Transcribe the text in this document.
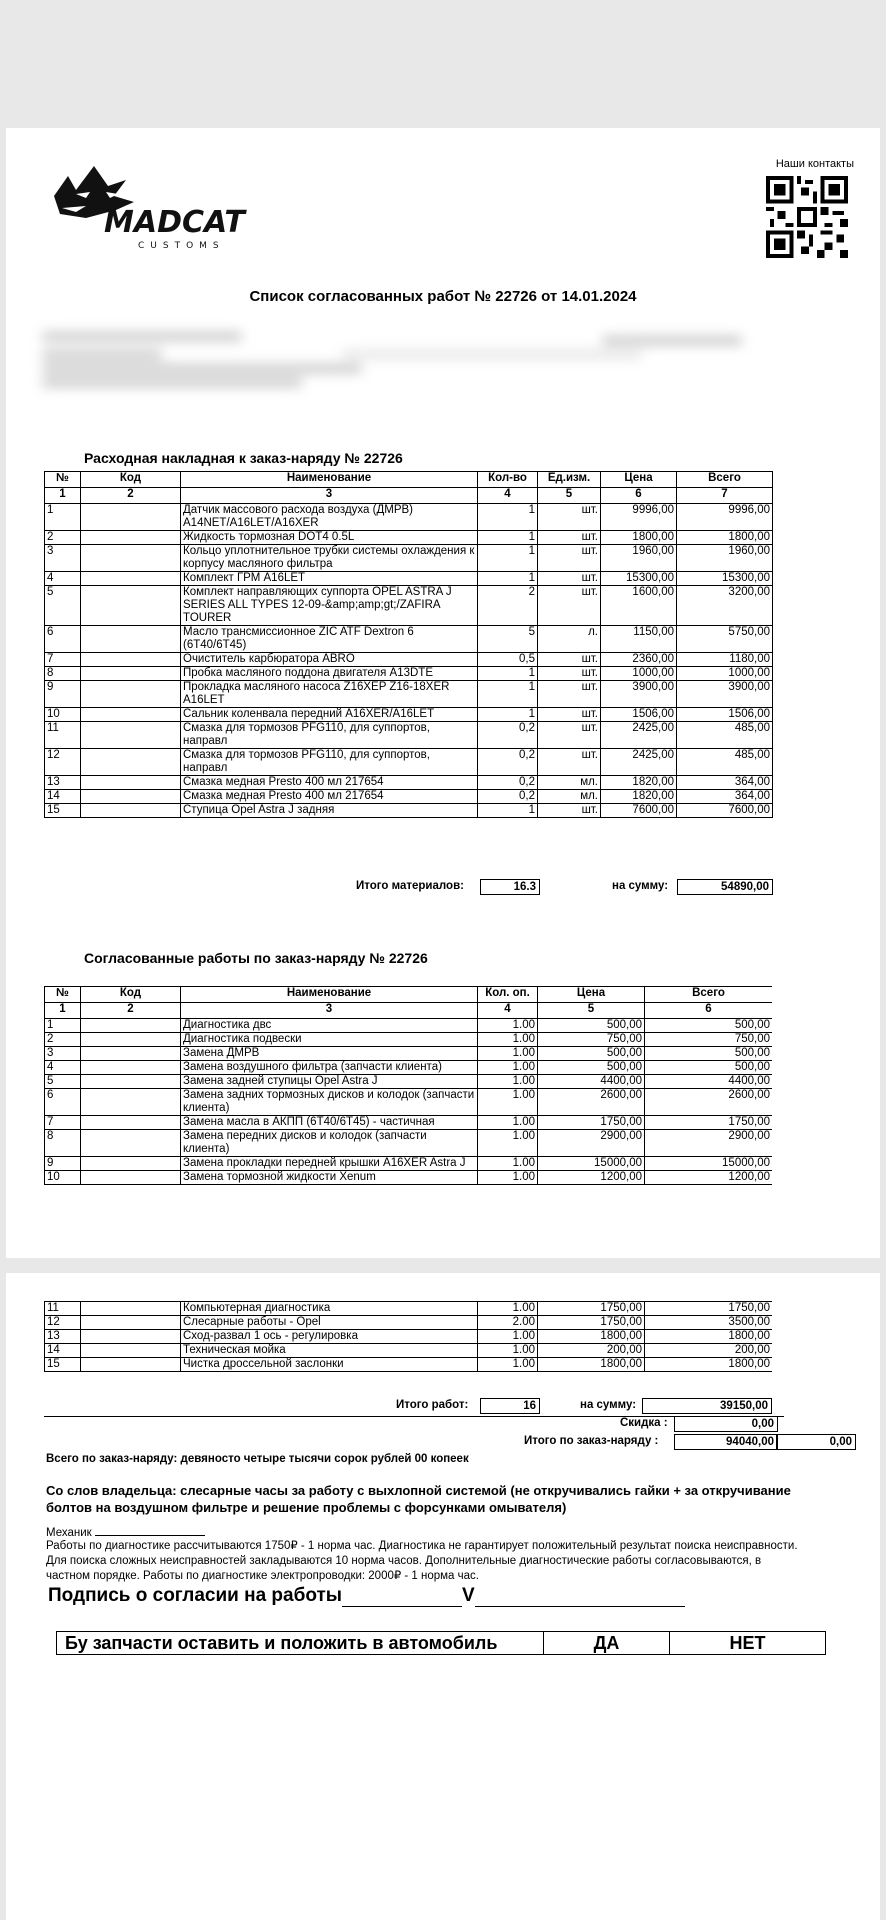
MADCAT
CUSTOMS
Наши контакты
Список согласованных работ № 22726 от 14.01.2024
Расходная накладная к заказ-наряду № 22726
№	Код	Наименование	Кол-во	Ед.изм.	Цена	Всего
1	2	3	4	5	6	7
1		Датчик массового расхода воздуха (ДМРВ) A14NET/A16LET/A16XER	1	шт.	9996,00	9996,00
2		Жидкость тормозная DOT4 0.5L	1	шт.	1800,00	1800,00
3		Кольцо уплотнительное трубки системы охлаждения к корпусу масляного фильтра	1	шт.	1960,00	1960,00
4		Комплект ГРМ A16LET	1	шт.	15300,00	15300,00
5		Комплект направляющих суппорта OPEL ASTRA J SERIES ALL TYPES 12-09-&amp;amp;gt;/ZAFIRA TOURER	2	шт.	1600,00	3200,00
6		Масло трансмиссионное ZIC ATF Dextron 6 (6T40/6T45)	5	л.	1150,00	5750,00
7		Очиститель карбюратора ABRO	0,5	шт.	2360,00	1180,00
8		Пробка масляного поддона двигателя A13DTE	1	шт.	1000,00	1000,00
9		Прокладка масляного насоса Z16XEP Z16-18XER A16LET	1	шт.	3900,00	3900,00
10		Сальник коленвала передний A16XER/A16LET	1	шт.	1506,00	1506,00
11		Смазка для тормозов PFG110, для суппортов, направл	0,2	шт.	2425,00	485,00
12		Смазка для тормозов PFG110, для суппортов, направл	0,2	шт.	2425,00	485,00
13		Смазка медная Presto 400 мл 217654	0,2	мл.	1820,00	364,00
14		Смазка медная Presto 400 мл 217654	0,2	мл.	1820,00	364,00
15		Ступица Opel Astra J задняя	1	шт.	7600,00	7600,00
Итого материалов:	16.3	на сумму:	54890,00
Согласованные работы по заказ-наряду № 22726
№	Код	Наименование	Кол. оп.	Цена	Всего
1	2	3	4	5	6
1		Диагностика двс	1.00	500,00	500,00
2		Диагностика подвески	1.00	750,00	750,00
3		Замена ДМРВ	1.00	500,00	500,00
4		Замена воздушного фильтра (запчасти клиента)	1.00	500,00	500,00
5		Замена задней ступицы Opel Astra J	1.00	4400,00	4400,00
6		Замена задних тормозных дисков и колодок (запчасти клиента)	1.00	2600,00	2600,00
7		Замена масла в АКПП (6T40/6T45) - частичная	1.00	1750,00	1750,00
8		Замена передних дисков и колодок (запчасти клиента)	1.00	2900,00	2900,00
9		Замена прокладки передней крышки A16XER Astra J	1.00	15000,00	15000,00
10		Замена тормозной жидкости Xenum	1.00	1200,00	1200,00
11		Компьютерная диагностика	1.00	1750,00	1750,00
12		Слесарные работы - Opel	2.00	1750,00	3500,00
13		Сход-развал 1 ось - регулировка	1.00	1800,00	1800,00
14		Техническая мойка	1.00	200,00	200,00
15		Чистка дроссельной заслонки	1.00	1800,00	1800,00
Итого работ:	16	на сумму:	39150,00
Скидка :	0,00
Итого по заказ-наряду :	94040,00	0,00
Всего по заказ-наряду: девяносто четыре тысячи сорок рублей 00 копеек
Со слов владельца: слесарные часы за работу с выхлопной системой (не откручивались гайки + за откручивание болтов на воздушном фильтре и решение проблемы с форсунками омывателя)
Механик
Работы по диагностике рассчитываются 1750₽ - 1 норма час. Диагностика не гарантирует положительный результат поиска неисправности. Для поиска сложных неисправностей закладываются 10 норма часов. Дополнительные диагностические работы согласовываются, в частном порядке. Работы по диагностике электропроводки: 2000₽ - 1 норма час.
Подпись о согласии на работы	V
Бу запчасти оставить и положить в автомобиль	ДА	НЕТ
